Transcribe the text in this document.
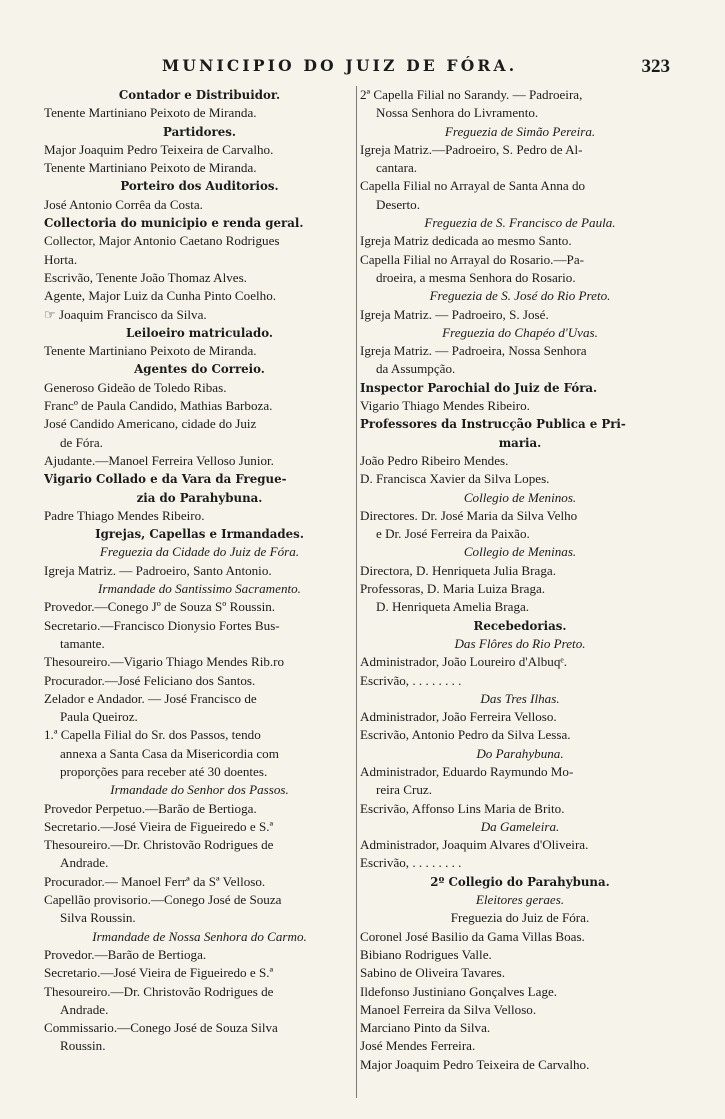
MUNICIPIO DO JUIZ DE FÓRA.	323
Contador e Distribuidor.
Tenente Martiniano Peixoto de Miranda.
Partidores.
Major Joaquim Pedro Teixeira de Carvalho.
Tenente Martiniano Peixoto de Miranda.
Porteiro dos Auditorios.
José Antonio Corrêa da Costa.
Collectoria do municipio e renda geral.
Collector, Major Antonio Caetano Rodrigues
Horta.
Escrivão, Tenente João Thomaz Alves.
Agente, Major Luiz da Cunha Pinto Coelho.
☞ Joaquim Francisco da Silva.
Leiloeiro matriculado.
Tenente Martiniano Peixoto de Miranda.
Agentes do Correio.
Generoso Gideão de Toledo Ribas.
Francº de Paula Candido, Mathias Barboza.
José Candido Americano, cidade do Juiz
de Fóra.
Ajudante.—Manoel Ferreira Velloso Junior.
Vigario Collado e da Vara da Fregue-
zia do Parahybuna.
Padre Thiago Mendes Ribeiro.
Igrejas, Capellas e Irmandades.
Freguezia da Cidade do Juiz de Fóra.
Igreja Matriz. — Padroeiro, Santo Antonio.
Irmandade do Santissimo Sacramento.
Provedor.—Conego Jº de Souza Sº Roussin.
Secretario.—Francisco Dionysio Fortes Bus-
tamante.
Thesoureiro.—Vigario Thiago Mendes Rib.ro
Procurador.—José Feliciano dos Santos.
Zelador e Andador. — José Francisco de
Paula Queiroz.
1.ª Capella Filial do Sr. dos Passos, tendo
annexa a Santa Casa da Misericordia com
proporções para receber até 30 doentes.
Irmandade do Senhor dos Passos.
Provedor Perpetuo.—Barão de Bertioga.
Secretario.—José Vieira de Figueiredo e S.ª
Thesoureiro.—Dr. Christovão Rodrigues de
Andrade.
Procurador.— Manoel Ferrª da Sª Velloso.
Capellão provisorio.—Conego José de Souza
Silva Roussin.
Irmandade de Nossa Senhora do Carmo.
Provedor.—Barão de Bertioga.
Secretario.—José Vieira de Figueiredo e S.ª
Thesoureiro.—Dr. Christovão Rodrigues de
Andrade.
Commissario.—Conego José de Souza Silva
Roussin.
2ª Capella Filial no Sarandy. — Padroeira,
Nossa Senhora do Livramento.
Freguezia de Simão Pereira.
Igreja Matriz.—Padroeiro, S. Pedro de Al-
cantara.
Capella Filial no Arrayal de Santa Anna do
Deserto.
Freguezia de S. Francisco de Paula.
Igreja Matriz dedicada ao mesmo Santo.
Capella Filial no Arrayal do Rosario.—Pa-
droeira, a mesma Senhora do Rosario.
Freguezia de S. José do Rio Preto.
Igreja Matriz. — Padroeiro, S. José.
Freguezia do Chapéo d'Uvas.
Igreja Matriz. — Padroeira, Nossa Senhora
da Assumpção.
Inspector Parochial do Juiz de Fóra.
Vigario Thiago Mendes Ribeiro.
Professores da Instrucção Publica e Pri-
maria.
João Pedro Ribeiro Mendes.
D. Francisca Xavier da Silva Lopes.
Collegio de Meninos.
Directores. Dr. José Maria da Silva Velho
e Dr. José Ferreira da Paixão.
Collegio de Meninas.
Directora, D. Henriqueta Julia Braga.
Professoras, D. Maria Luiza Braga.
D. Henriqueta Amelia Braga.
Recebedorias.
Das Flôres do Rio Preto.
Administrador, João Loureiro d'Albuqᵉ.
Escrivão, . . . . . . . .
Das Tres Ilhas.
Administrador, João Ferreira Velloso.
Escrivão, Antonio Pedro da Silva Lessa.
Do Parahybuna.
Administrador, Eduardo Raymundo Mo-
reira Cruz.
Escrivão, Affonso Lins Maria de Brito.
Da Gameleira.
Administrador, Joaquim Alvares d'Oliveira.
Escrivão, . . . . . . . .
2º Collegio do Parahybuna.
Eleitores geraes.
Freguezia do Juiz de Fóra.
Coronel José Basilio da Gama Villas Boas.
Bibiano Rodrigues Valle.
Sabino de Oliveira Tavares.
Ildefonso Justiniano Gonçalves Lage.
Manoel Ferreira da Silva Velloso.
Marciano Pinto da Silva.
José Mendes Ferreira.
Major Joaquim Pedro Teixeira de Carvalho.
